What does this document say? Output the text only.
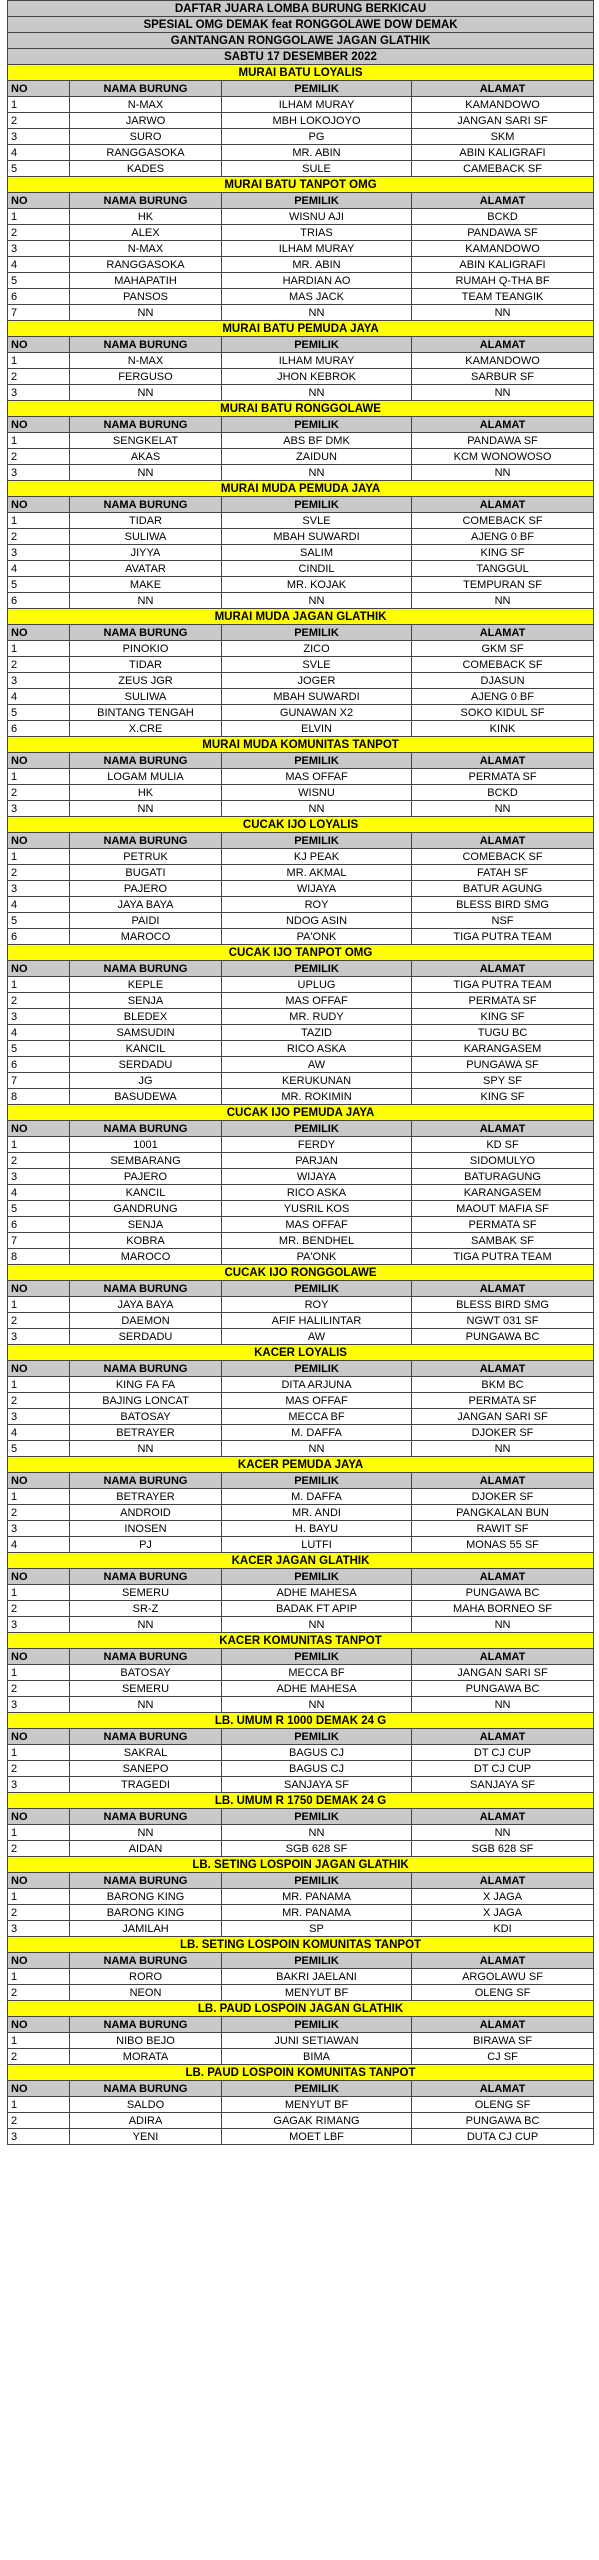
DAFTAR JUARA LOMBA BURUNG BERKICAU			
SPESIAL OMG DEMAK feat RONGGOLAWE DOW DEMAK			
GANTANGAN RONGGOLAWE JAGAN GLATHIK			
SABTU 17 DESEMBER 2022			
MURAI BATU LOYALIS			
NO	NAMA BURUNG	PEMILIK	ALAMAT
1	N-MAX	ILHAM MURAY	KAMANDOWO
2	JARWO	MBH LOKOJOYO	JANGAN SARI SF
3	SURO	PG	SKM
4	RANGGASOKA	MR. ABIN	ABIN KALIGRAFI
5	KADES	SULE	CAMEBACK SF
MURAI BATU TANPOT OMG			
NO	NAMA BURUNG	PEMILIK	ALAMAT
1	HK	WISNU AJI	BCKD
2	ALEX	TRIAS	PANDAWA SF
3	N-MAX	ILHAM MURAY	KAMANDOWO
4	RANGGASOKA	MR. ABIN	ABIN KALIGRAFI
5	MAHAPATIH	HARDIAN AO	RUMAH Q-THA BF
6	PANSOS	MAS JACK	TEAM TEANGIK
7	NN	NN	NN
MURAI BATU PEMUDA JAYA			
NO	NAMA BURUNG	PEMILIK	ALAMAT
1	N-MAX	ILHAM MURAY	KAMANDOWO
2	FERGUSO	JHON KEBROK	SARBUR SF
3	NN	NN	NN
MURAI BATU RONGGOLAWE			
NO	NAMA BURUNG	PEMILIK	ALAMAT
1	SENGKELAT	ABS BF DMK	PANDAWA SF
2	AKAS	ZAIDUN	KCM WONOWOSO
3	NN	NN	NN
MURAI MUDA PEMUDA JAYA			
NO	NAMA BURUNG	PEMILIK	ALAMAT
1	TIDAR	SVLE	COMEBACK SF
2	SULIWA	MBAH SUWARDI	AJENG 0 BF
3	JIYYA	SALIM	KING SF
4	AVATAR	CINDIL	TANGGUL
5	MAKE	MR. KOJAK	TEMPURAN SF
6	NN	NN	NN
MURAI MUDA JAGAN GLATHIK			
NO	NAMA BURUNG	PEMILIK	ALAMAT
1	PINOKIO	ZICO	GKM SF
2	TIDAR	SVLE	COMEBACK SF
3	ZEUS JGR	JOGER	DJASUN
4	SULIWA	MBAH SUWARDI	AJENG 0 BF
5	BINTANG TENGAH	GUNAWAN X2	SOKO KIDUL SF
6	X.CRE	ELVIN	KINK
MURAI MUDA KOMUNITAS TANPOT			
NO	NAMA BURUNG	PEMILIK	ALAMAT
1	LOGAM MULIA	MAS OFFAF	PERMATA SF
2	HK	WISNU	BCKD
3	NN	NN	NN
CUCAK IJO LOYALIS			
NO	NAMA BURUNG	PEMILIK	ALAMAT
1	PETRUK	KJ PEAK	COMEBACK SF
2	BUGATI	MR. AKMAL	FATAH SF
3	PAJERO	WIJAYA	BATUR AGUNG
4	JAYA BAYA	ROY	BLESS BIRD SMG
5	PAIDI	NDOG ASIN	NSF
6	MAROCO	PA'ONK	TIGA PUTRA TEAM
CUCAK IJO TANPOT OMG			
NO	NAMA BURUNG	PEMILIK	ALAMAT
1	KEPLE	UPLUG	TIGA PUTRA TEAM
2	SENJA	MAS OFFAF	PERMATA SF
3	BLEDEX	MR. RUDY	KING SF
4	SAMSUDIN	TAZID	TUGU BC
5	KANCIL	RICO ASKA	KARANGASEM
6	SERDADU	AW	PUNGAWA SF
7	JG	KERUKUNAN	SPY SF
8	BASUDEWA	MR. ROKIMIN	KING SF
CUCAK IJO PEMUDA JAYA			
NO	NAMA BURUNG	PEMILIK	ALAMAT
1	1001	FERDY	KD SF
2	SEMBARANG	PARJAN	SIDOMULYO
3	PAJERO	WIJAYA	BATURAGUNG
4	KANCIL	RICO ASKA	KARANGASEM
5	GANDRUNG	YUSRIL KOS	MAOUT MAFIA SF
6	SENJA	MAS OFFAF	PERMATA SF
7	KOBRA	MR. BENDHEL	SAMBAK SF
8	MAROCO	PA'ONK	TIGA PUTRA TEAM
CUCAK IJO RONGGOLAWE			
NO	NAMA BURUNG	PEMILIK	ALAMAT
1	JAYA BAYA	ROY	BLESS BIRD SMG
2	DAEMON	AFIF HALILINTAR	NGWT 031 SF
3	SERDADU	AW	PUNGAWA BC
KACER LOYALIS			
NO	NAMA BURUNG	PEMILIK	ALAMAT
1	KING FA FA	DITA ARJUNA	BKM BC
2	BAJING LONCAT	MAS OFFAF	PERMATA SF
3	BATOSAY	MECCA BF	JANGAN SARI SF
4	BETRAYER	M. DAFFA	DJOKER SF
5	NN	NN	NN
KACER PEMUDA JAYA			
NO	NAMA BURUNG	PEMILIK	ALAMAT
1	BETRAYER	M. DAFFA	DJOKER SF
2	ANDROID	MR. ANDI	PANGKALAN BUN
3	INOSEN	H. BAYU	RAWIT SF
4	PJ	LUTFI	MONAS 55 SF
KACER JAGAN GLATHIK			
NO	NAMA BURUNG	PEMILIK	ALAMAT
1	SEMERU	ADHE MAHESA	PUNGAWA BC
2	SR-Z	BADAK FT APIP	MAHA BORNEO SF
3	NN	NN	NN
KACER KOMUNITAS TANPOT			
NO	NAMA BURUNG	PEMILIK	ALAMAT
1	BATOSAY	MECCA BF	JANGAN SARI SF
2	SEMERU	ADHE MAHESA	PUNGAWA BC
3	NN	NN	NN
LB. UMUM R 1000 DEMAK 24 G			
NO	NAMA BURUNG	PEMILIK	ALAMAT
1	SAKRAL	BAGUS CJ	DT CJ CUP
2	SANEPO	BAGUS CJ	DT CJ CUP
3	TRAGEDI	SANJAYA SF	SANJAYA SF
LB. UMUM R 1750 DEMAK 24 G			
NO	NAMA BURUNG	PEMILIK	ALAMAT
1	NN	NN	NN
2	AIDAN	SGB 628 SF	SGB 628 SF
LB. SETING LOSPOIN JAGAN GLATHIK			
NO	NAMA BURUNG	PEMILIK	ALAMAT
1	BARONG KING	MR. PANAMA	X JAGA
2	BARONG KING	MR. PANAMA	X JAGA
3	JAMILAH	SP	KDI
LB. SETING LOSPOIN KOMUNITAS TANPOT			
NO	NAMA BURUNG	PEMILIK	ALAMAT
1	RORO	BAKRI JAELANI	ARGOLAWU SF
2	NEON	MENYUT BF	OLENG SF
LB. PAUD LOSPOIN JAGAN GLATHIK			
NO	NAMA BURUNG	PEMILIK	ALAMAT
1	NIBO BEJO	JUNI SETIAWAN	BIRAWA SF
2	MORATA	BIMA	CJ SF
LB. PAUD LOSPOIN KOMUNITAS TANPOT			
NO	NAMA BURUNG	PEMILIK	ALAMAT
1	SALDO	MENYUT BF	OLENG SF
2	ADIRA	GAGAK RIMANG	PUNGAWA BC
3	YENI	MOET LBF	DUTA CJ CUP
